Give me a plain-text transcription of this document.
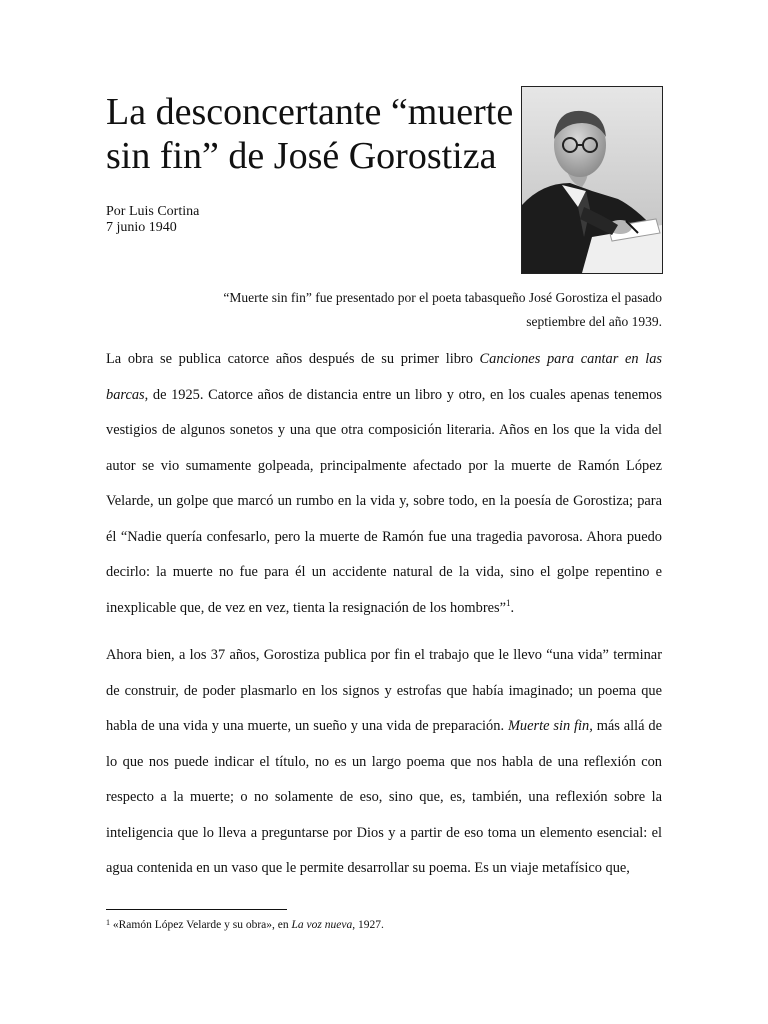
La desconcertante “muerte
sin fin” de José Gorostiza
Por Luis Cortina
7 junio 1940
“Muerte sin fin” fue presentado por el poeta tabasqueño José Gorostiza el pasado
septiembre del año 1939.

La obra se publica catorce años después de su primer libro Canciones para cantar en las barcas, de 1925. Catorce años de distancia entre un libro y otro, en los cuales apenas tenemos vestigios de algunos sonetos y una que otra composición literaria. Años en los que la vida del autor se vio sumamente golpeada, principalmente afectado por la muerte de Ramón López Velarde, un golpe que marcó un rumbo en la vida y, sobre todo, en la poesía de Gorostiza; para él “Nadie quería confesarlo, pero la muerte de Ramón fue una tragedia pavorosa. Ahora puedo decirlo: la muerte no fue para él un accidente natural de la vida, sino el golpe repentino e inexplicable que, de vez en vez, tienta la resignación de los hombres”$^1$.

Ahora bien, a los 37 años, Gorostiza publica por fin el trabajo que le llevo “una vida” terminar de construir, de poder plasmarlo en los signos y estrofas que había imaginado; un poema que habla de una vida y una muerte, un sueño y una vida de preparación. Muerte sin fin, más allá de lo que nos puede indicar el título, no es un largo poema que nos habla de una reflexión con respecto a la muerte; o no solamente de eso, sino que, es, también, una reflexión sobre la inteligencia que lo lleva a preguntarse por Dios y a partir de eso toma un elemento esencial: el agua contenida en un vaso que le permite desarrollar su poema. Es un viaje metafísico que,

$^1$ «Ramón López Velarde y su obra», en La voz nueva, 1927.
